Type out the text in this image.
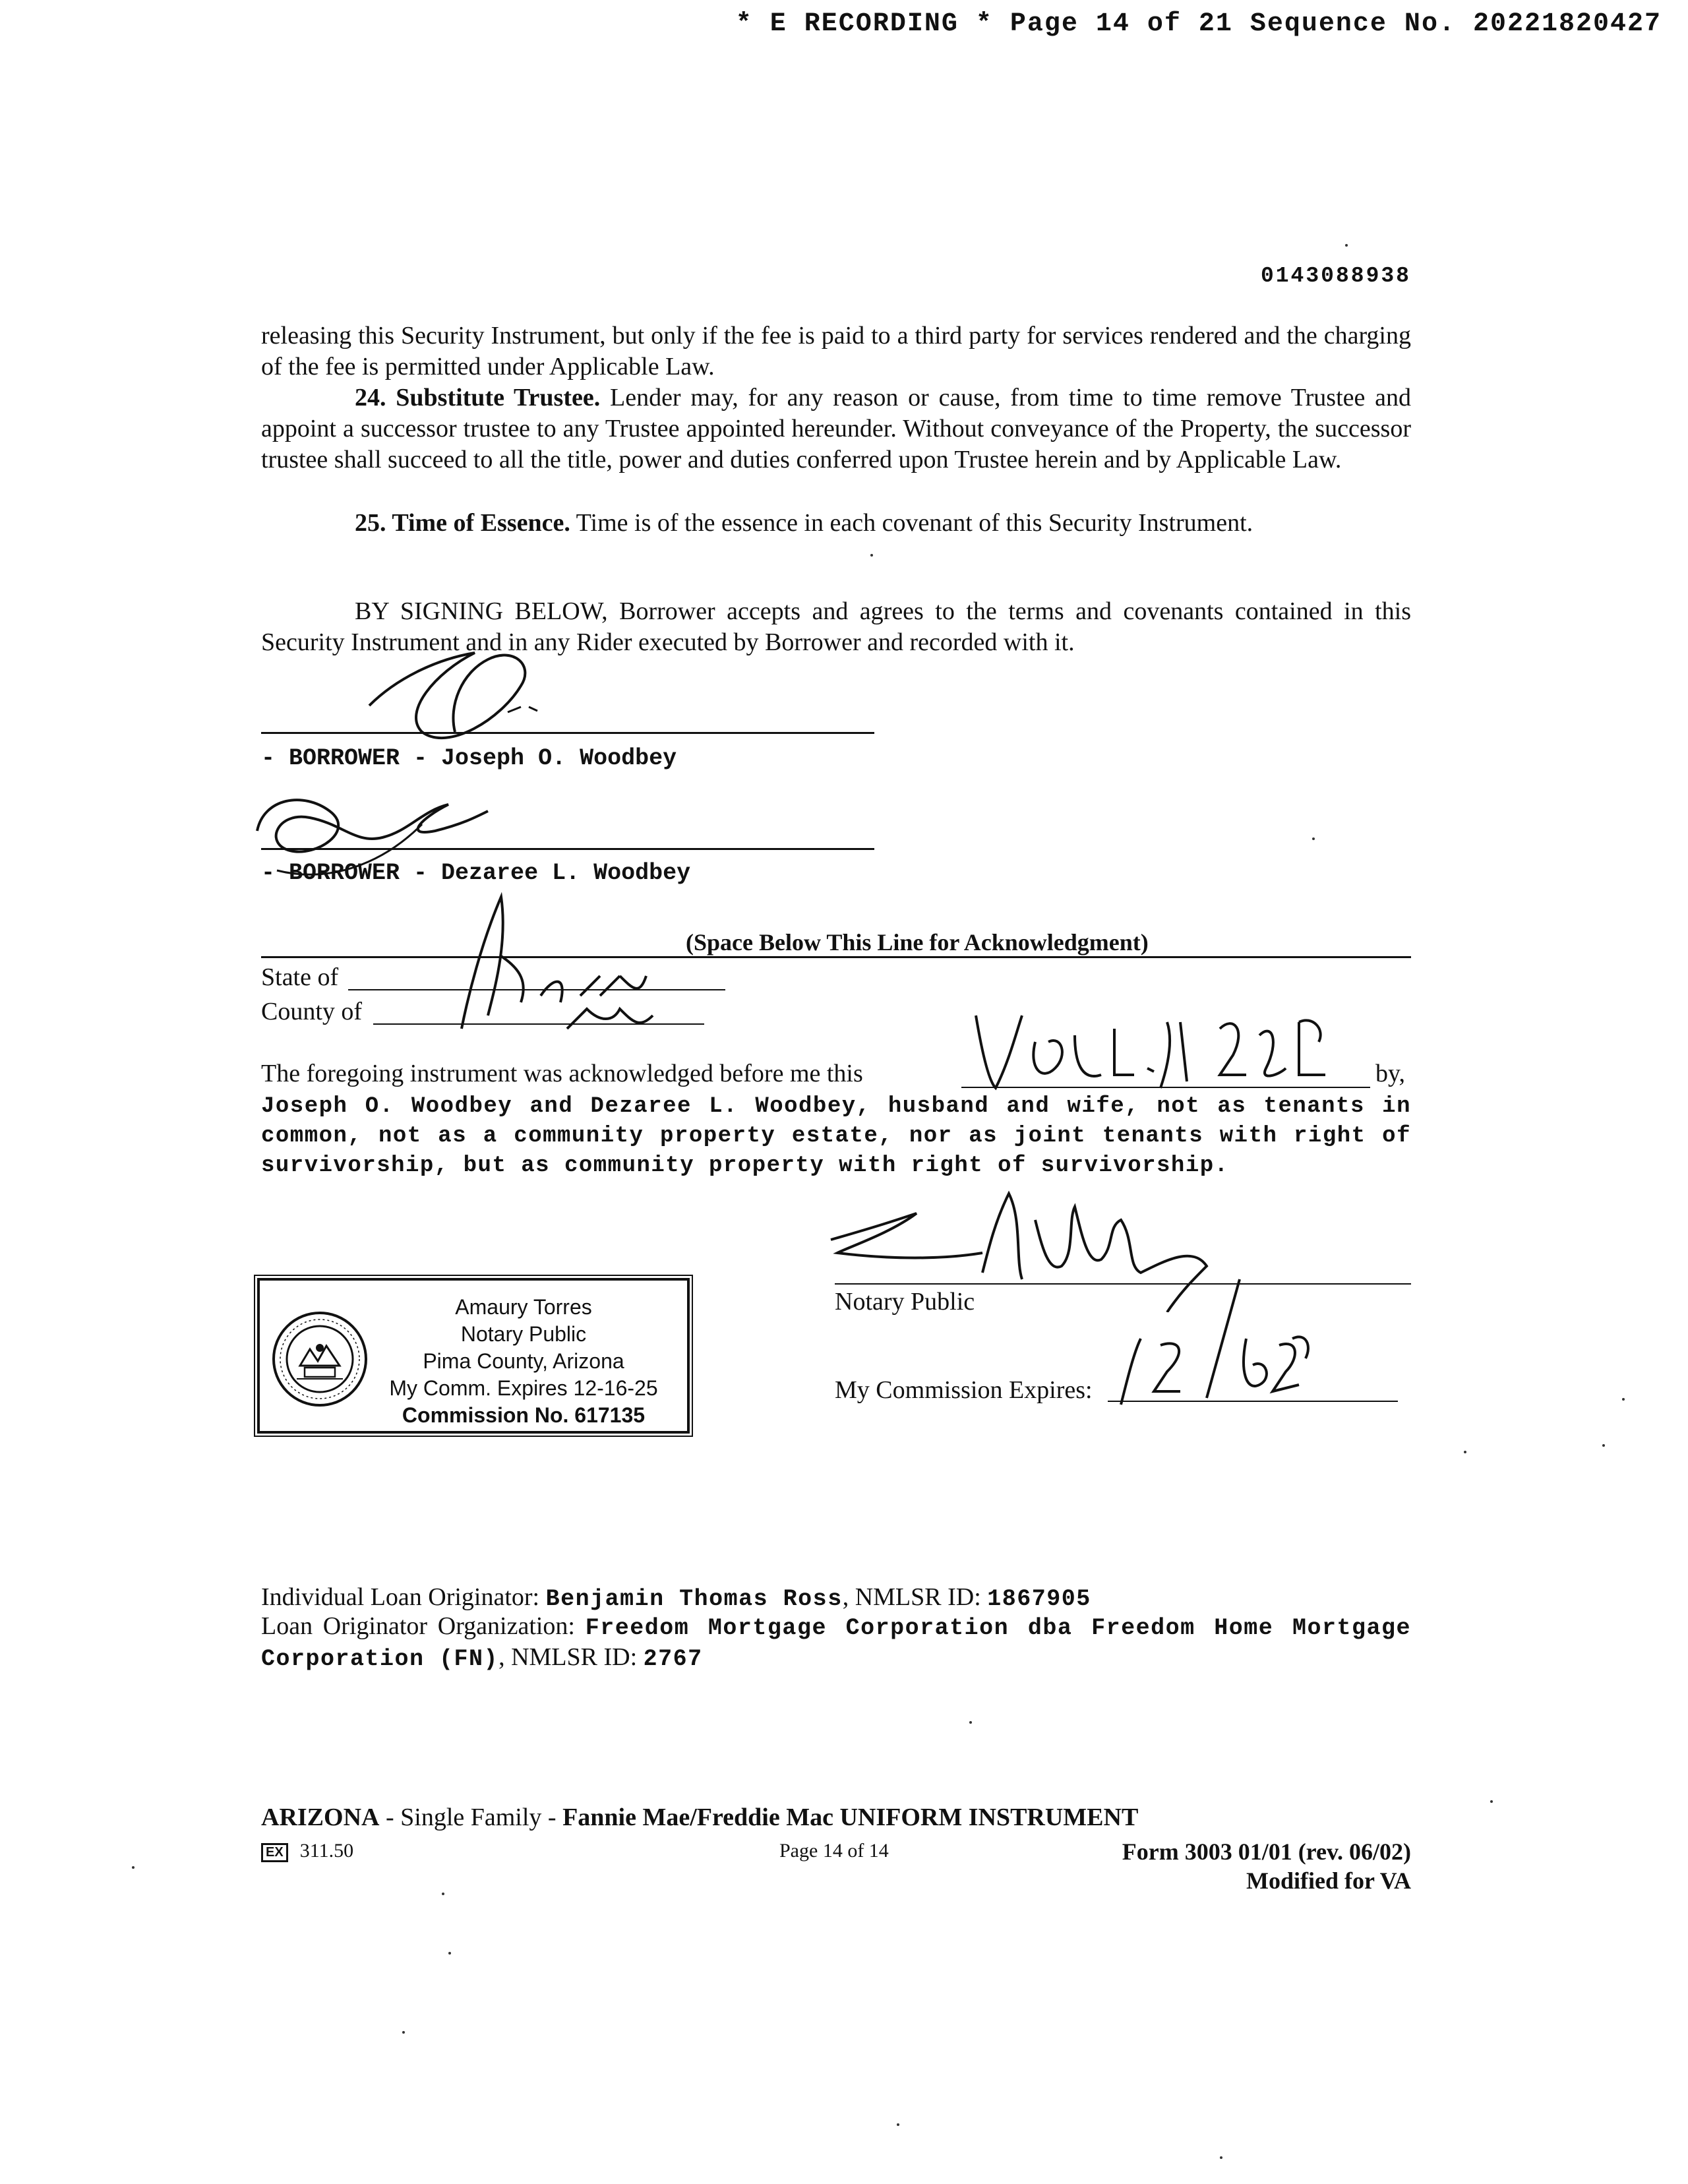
* E RECORDING * Page 14 of 21 Sequence No. 20221820427
0143088938
releasing this Security Instrument, but only if the fee is paid to a third party for services rendered and the charging of the fee is permitted under Applicable Law.
24. Substitute Trustee. Lender may, for any reason or cause, from time to time remove Trustee and appoint a successor trustee to any Trustee appointed hereunder. Without conveyance of the Property, the successor trustee shall succeed to all the title, power and duties conferred upon Trustee herein and by Applicable Law.
25. Time of Essence. Time is of the essence in each covenant of this Security Instrument.
BY SIGNING BELOW, Borrower accepts and agrees to the terms and covenants contained in this Security Instrument and in any Rider executed by Borrower and recorded with it.
- BORROWER - Joseph O. Woodbey
- BORROWER - Dezaree L. Woodbey
(Space Below This Line for Acknowledgment)
State of
County of
The foregoing instrument was acknowledged before me this	by,
Joseph O. Woodbey and Dezaree L. Woodbey, husband and wife, not as tenants in common, not as a community property estate, nor as joint tenants with right of survivorship, but as community property with right of survivorship.
Amaury Torres
Notary Public
Pima County, Arizona
My Comm. Expires 12-16-25
Commission No. 617135
Notary Public
My Commission Expires:
Individual Loan Originator: Benjamin Thomas Ross, NMLSR ID: 1867905
Loan Originator Organization: Freedom Mortgage Corporation dba Freedom Home Mortgage Corporation (FN), NMLSR ID: 2767
ARIZONA - Single Family - Fannie Mae/Freddie Mac UNIFORM INSTRUMENT
EX 311.50	Page 14 of 14	Form 3003 01/01 (rev. 06/02)
Modified for VA
